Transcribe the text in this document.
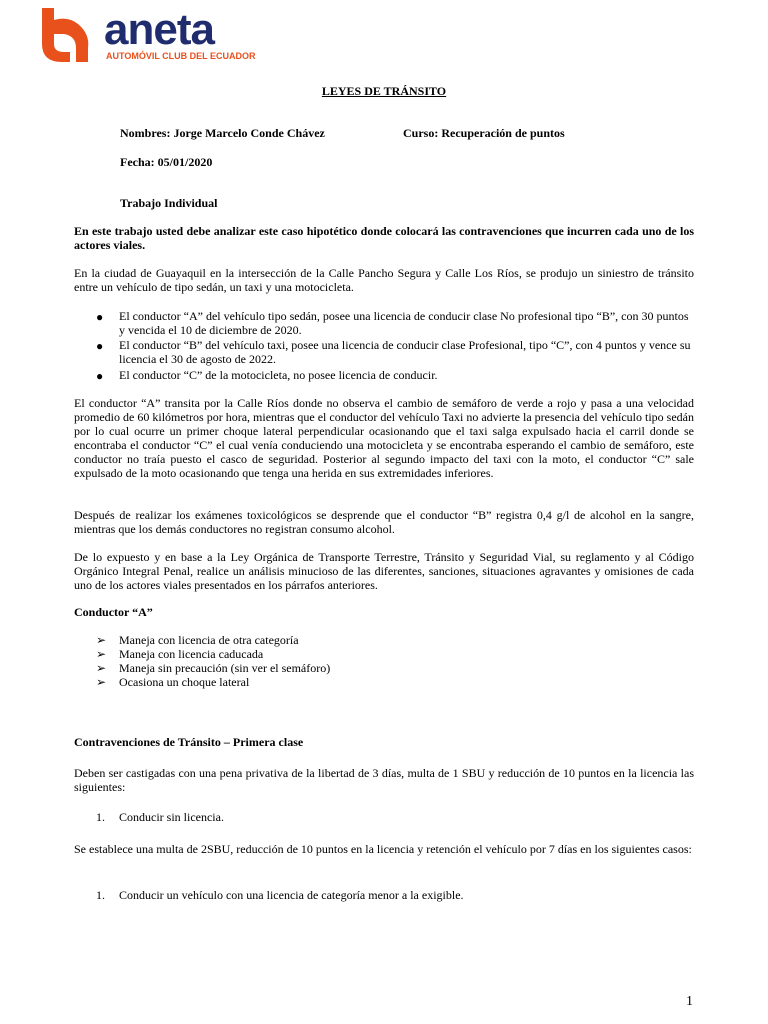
aneta

AUTOMÓVIL CLUB DEL ECUADOR

LEYES DE TRÁNSITO

Nombres: Jorge Marcelo Conde Chávez	Curso: Recuperación de puntos

Fecha: 05/01/2020

Trabajo Individual

En este trabajo usted debe analizar este caso hipotético donde colocará las contravenciones que incurren cada uno de los actores viales.

En la ciudad de Guayaquil en la intersección de la Calle Pancho Segura y Calle Los Ríos, se produjo un siniestro de tránsito entre un vehículo de tipo sedán, un taxi y una motocicleta.

● El conductor “A” del vehículo tipo sedán, posee una licencia de conducir clase No profesional tipo “B”, con 30 puntos y vencida el 10 de diciembre de 2020.

● El conductor “B” del vehículo taxi, posee una licencia de conducir clase Profesional, tipo “C”, con 4 puntos y vence su licencia el 30 de agosto de 2022.

● El conductor “C” de la motocicleta, no posee licencia de conducir.

El conductor “A” transita por la Calle Ríos donde no observa el cambio de semáforo de verde a rojo y pasa a una velocidad promedio de 60 kilómetros por hora, mientras que el conductor del vehículo Taxi no advierte la presencia del vehículo tipo sedán por lo cual ocurre un primer choque lateral perpendicular ocasionando que el taxi salga expulsado hacia el carril donde se encontraba el conductor “C” el cual venía conduciendo una motocicleta y se encontraba esperando el cambio de semáforo, este conductor no traía puesto el casco de seguridad. Posterior al segundo impacto del taxi con la moto, el conductor “C” sale expulsado de la moto ocasionando que tenga una herida en sus extremidades inferiores.

Después de realizar los exámenes toxicológicos se desprende que el conductor “B” registra 0,4 g/l de alcohol en la sangre, mientras que los demás conductores no registran consumo alcohol.

De lo expuesto y en base a la Ley Orgánica de Transporte Terrestre, Tránsito y Seguridad Vial, su reglamento y al Código Orgánico Integral Penal, realice un análisis minucioso de las diferentes, sanciones, situaciones agravantes y omisiones de cada uno de los actores viales presentados en los párrafos anteriores.

Conductor “A”

➢ Maneja con licencia de otra categoría

➢ Maneja con licencia caducada

➢ Maneja sin precaución (sin ver el semáforo)

➢ Ocasiona un choque lateral

Contravenciones de Tránsito – Primera clase

Deben ser castigadas con una pena privativa de la libertad de 3 días, multa de 1 SBU y reducción de 10 puntos en la licencia las siguientes:

1. Conducir sin licencia.

Se establece una multa de 2SBU, reducción de 10 puntos en la licencia y retención el vehículo por 7 días en los siguientes casos:

1. Conducir un vehículo con una licencia de categoría menor a la exigible.

1
